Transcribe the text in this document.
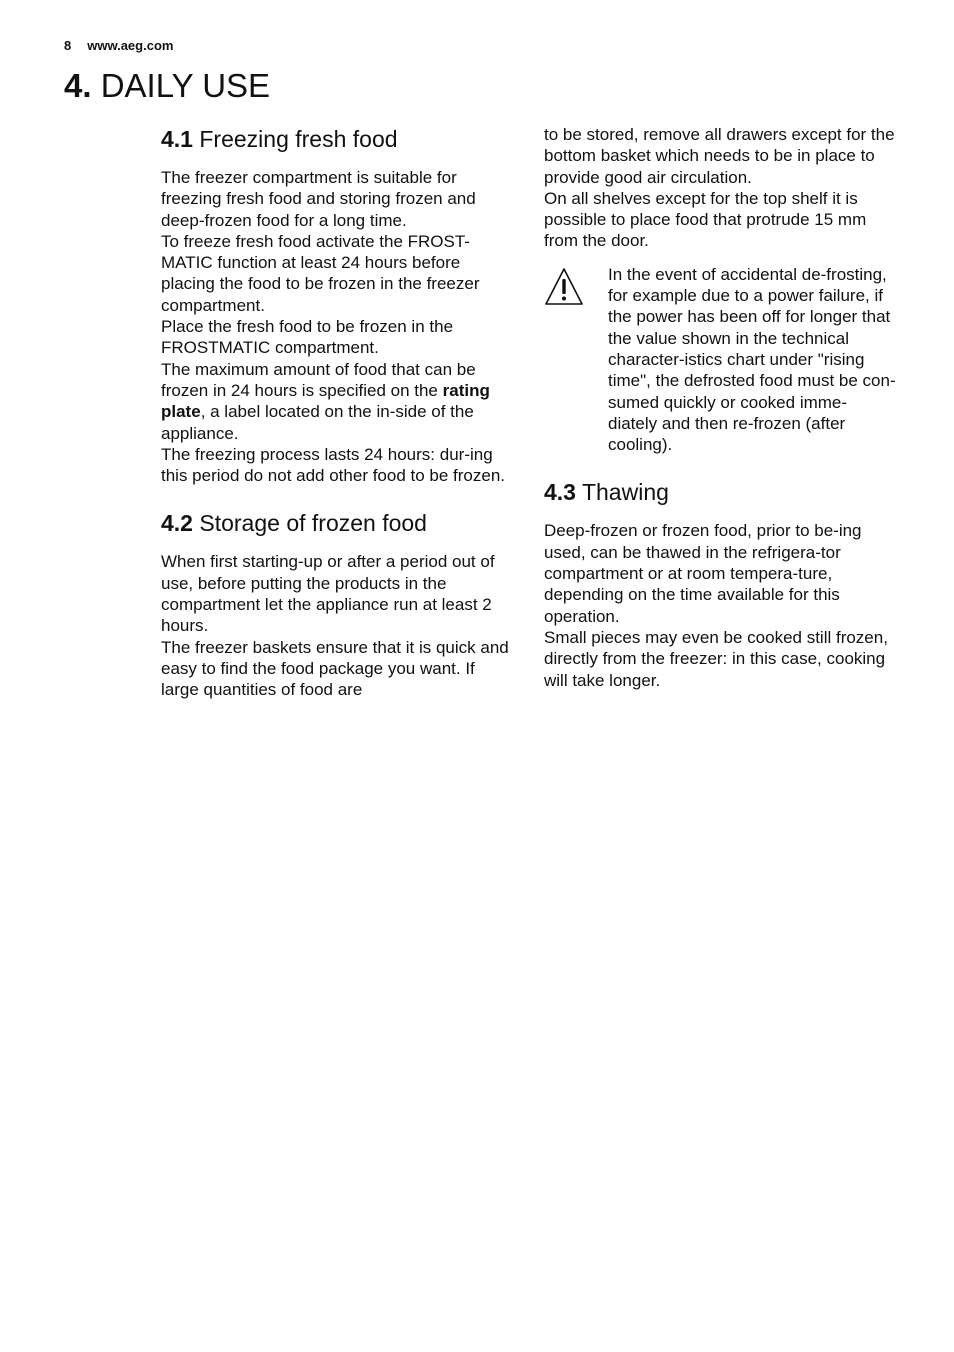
8 www.aeg.com
4. DAILY USE
4.1 Freezing fresh food

The freezer compartment is suitable for freezing fresh food and storing frozen and deep-frozen food for a long time.

To freeze fresh food activate the FROST-MATIC function at least 24 hours before placing the food to be frozen in the freezer compartment.

Place the fresh food to be frozen in the FROSTMATIC compartment.

The maximum amount of food that can be frozen in 24 hours is specified on the rating plate, a label located on the in-side of the appliance.

The freezing process lasts 24 hours: dur-ing this period do not add other food to be frozen.

4.2 Storage of frozen food

When first starting-up or after a period out of use, before putting the products in the compartment let the appliance run at least 2 hours.

The freezer baskets ensure that it is quick and easy to find the food package you want. If large quantities of food are

to be stored, remove all drawers except for the bottom basket which needs to be in place to provide good air circulation.

On all shelves except for the top shelf it is possible to place food that protrude 15 mm from the door.

In the event of accidental de-frosting, for example due to a power failure, if the power has been off for longer that the value shown in the technical character-istics chart under "rising time", the defrosted food must be con-sumed quickly or cooked imme-diately and then re-frozen (after cooling).

4.3 Thawing

Deep-frozen or frozen food, prior to be-ing used, can be thawed in the refrigera-tor compartment or at room tempera-ture, depending on the time available for this operation.

Small pieces may even be cooked still frozen, directly from the freezer: in this case, cooking will take longer.
